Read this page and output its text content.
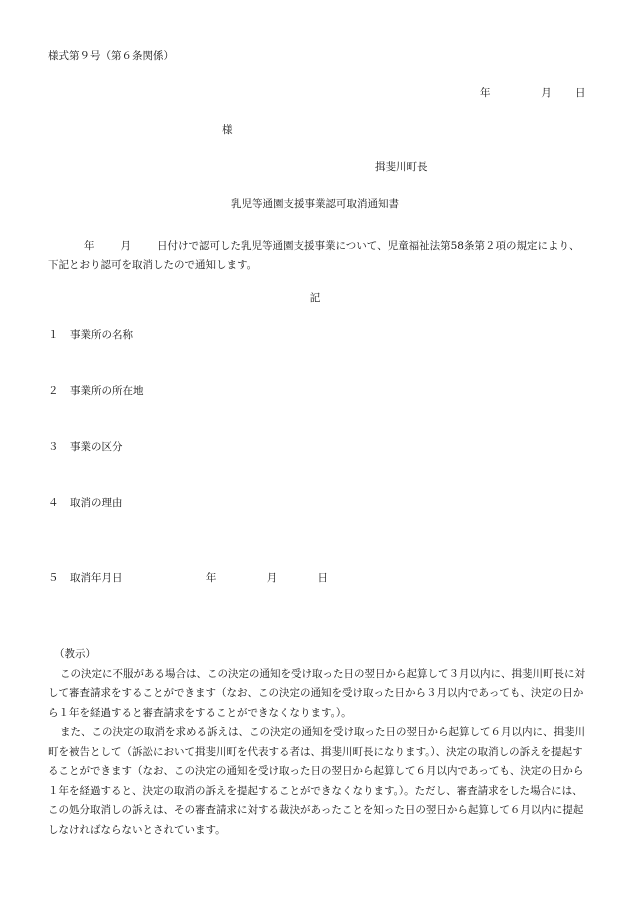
様式第９号（第６条関係）
年	月 日
様
揖斐川町長
乳児等通園支援事業認可取消通知書
年 月 日付けで認可した乳児等通園支援事業について、児童福祉法第58条第２項の規定により、下記とおり認可を取消したので通知します。
記
１ 事業所の名称
２ 事業所の所在地
３ 事業の区分
４ 取消の理由
５ 取消年月日	年	月	日

（教示）

この決定に不服がある場合は、この決定の通知を受け取った日の翌日から起算して３月以内に、揖斐川町長に対して審査請求をすることができます（なお、この決定の通知を受け取った日から３月以内であっても、決定の日から１年を経過すると審査請求をすることができなくなります。）。

また、この決定の取消を求める訴えは、この決定の通知を受け取った日の翌日から起算して６月以内に、揖斐川町を被告として（訴訟において揖斐川町を代表する者は、揖斐川町長になります。）、決定の取消しの訴えを提起することができます（なお、この決定の通知を受け取った日の翌日から起算して６月以内であっても、決定の日から１年を経過すると、決定の取消の訴えを提起することができなくなります。）。ただし、審査請求をした場合には、この処分取消しの訴えは、その審査請求に対する裁決があったことを知った日の翌日から起算して６月以内に提起しなければならないとされています。
